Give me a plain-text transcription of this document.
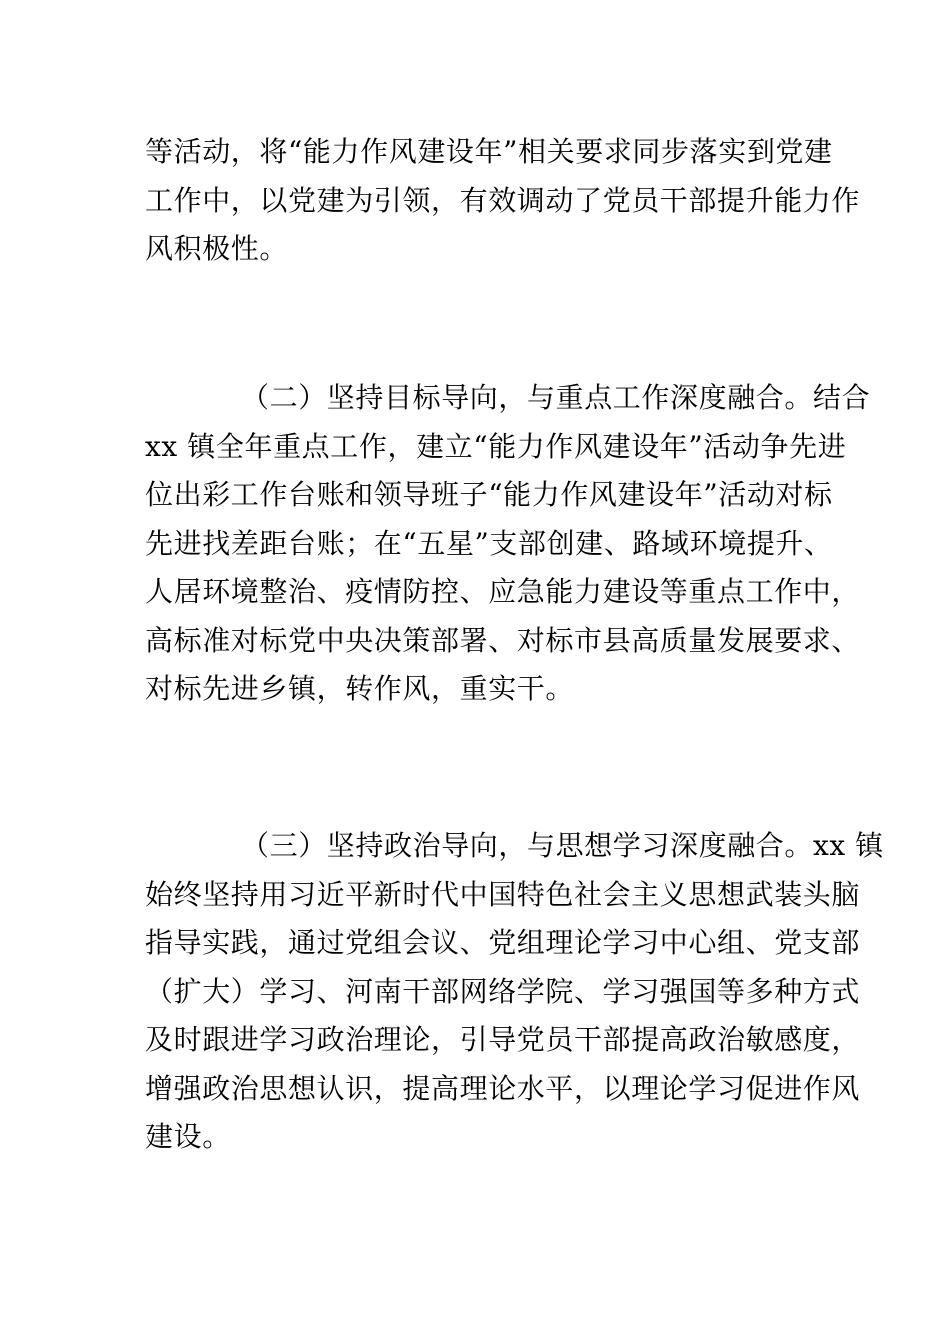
等活动，将“能力作风建设年”相关要求同步落实到党建
工作中，以党建为引领，有效调动了党员干部提升能力作
风积极性。

（二）坚持目标导向，与重点工作深度融合。结合
xx 镇全年重点工作，建立“能力作风建设年”活动争先进
位出彩工作台账和领导班子“能力作风建设年”活动对标
先进找差距台账；在“五星”支部创建、路域环境提升、
人居环境整治、疫情防控、应急能力建设等重点工作中，
高标准对标党中央决策部署、对标市县高质量发展要求、
对标先进乡镇，转作风，重实干。

（三）坚持政治导向，与思想学习深度融合。xx 镇
始终坚持用习近平新时代中国特色社会主义思想武装头脑
指导实践，通过党组会议、党组理论学习中心组、党支部
（扩大）学习、河南干部网络学院、学习强国等多种方式
及时跟进学习政治理论，引导党员干部提高政治敏感度，
增强政治思想认识，提高理论水平，以理论学习促进作风
建设。
